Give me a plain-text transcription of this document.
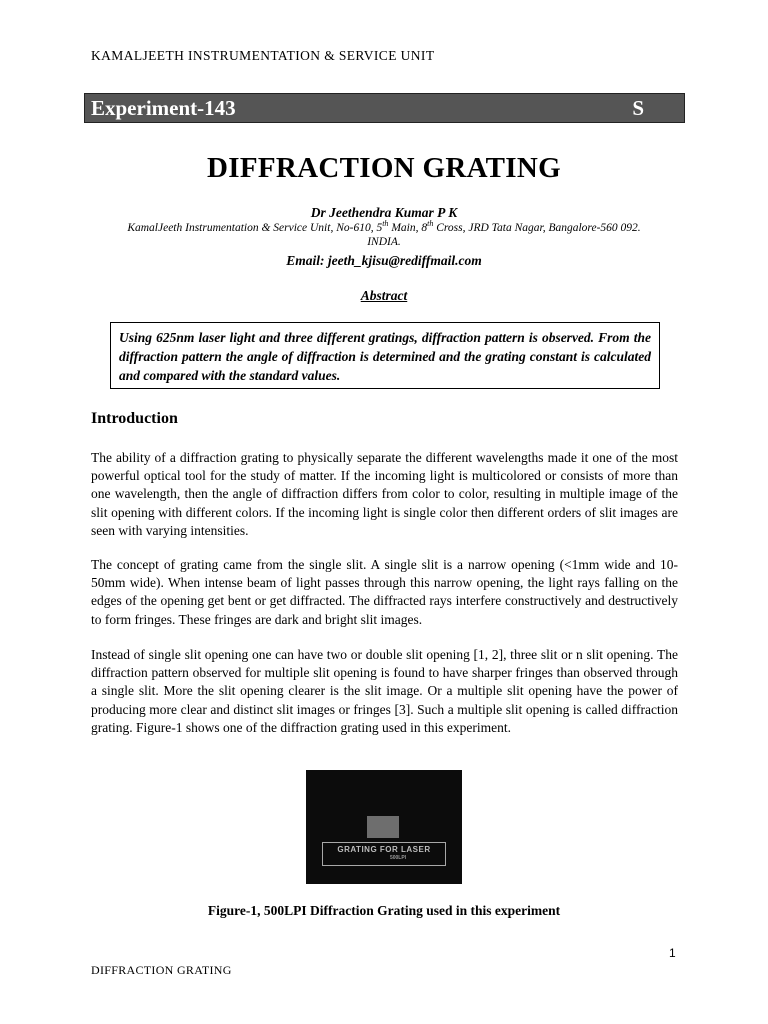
KAMALJEETH INSTRUMENTATION & SERVICE UNIT
Experiment-143	S
DIFFRACTION GRATING
Dr Jeethendra Kumar P K
KamalJeeth Instrumentation & Service Unit, No-610, 5th Main, 8th Cross, JRD Tata Nagar, Bangalore-560 092.
INDIA.
Email: jeeth_kjisu@rediffmail.com
Abstract
Using 625nm laser light and three different gratings, diffraction pattern is observed. From the diffraction pattern the angle of diffraction is determined and the grating constant is calculated and compared with the standard values.
Introduction
The ability of a diffraction grating to physically separate the different wavelengths made it one of the most powerful optical tool for the study of matter. If the incoming light is multicolored or consists of more than one wavelength, then the angle of diffraction differs from color to color, resulting in multiple image of the slit opening with different colors. If the incoming light is single color then different orders of slit images are seen with varying intensities.
The concept of grating came from the single slit. A single slit is a narrow opening (<1mm wide and 10-50mm wide). When intense beam of light passes through this narrow opening, the light rays falling on the edges of the opening get bent or get diffracted. The diffracted rays interfere constructively and destructively to form fringes. These fringes are dark and bright slit images.
Instead of single slit opening one can have two or double slit opening [1, 2], three slit or n slit opening. The diffraction pattern observed for multiple slit opening is found to have sharper fringes than observed through a single slit. More the slit opening clearer is the slit image. Or a multiple slit opening have the power of producing more clear and distinct slit images or fringes [3]. Such a multiple slit opening is called diffraction grating. Figure-1 shows one of the diffraction grating used in this experiment.
GRATING FOR LASER
500LPI
Figure-1, 500LPI Diffraction Grating used in this experiment
1
DIFFRACTION GRATING
